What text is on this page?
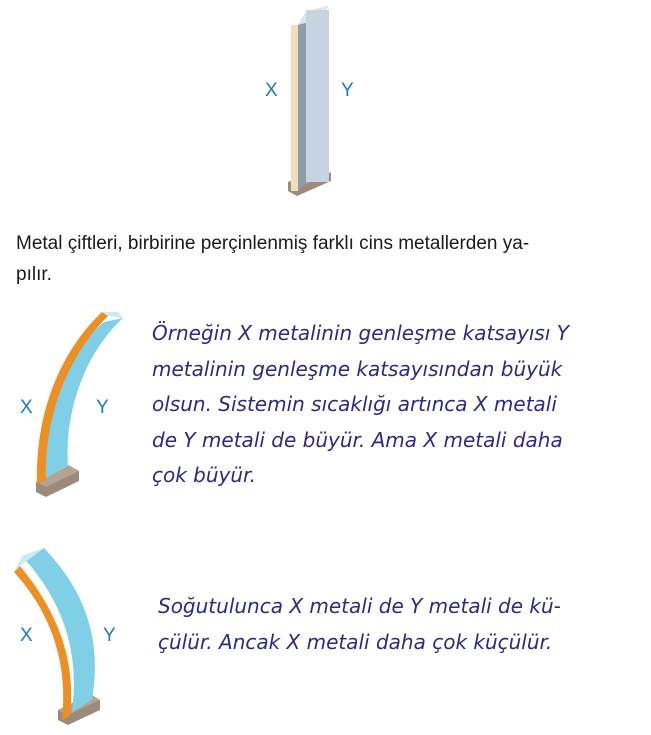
X	Y
Metal çiftleri, birbirine perçinlenmiş farklı cins metallerden ya-
pılır.
X	Y
Örneğin X metalinin genleşme katsayısı Y
metalinin genleşme katsayısından büyük
olsun. Sistemin sıcaklığı artınca X metali
de Y metali de büyür. Ama X metali daha
çok büyür.
X	Y
Soğutulunca X metali de Y metali de kü-
çülür. Ancak X metali daha çok küçülür.
